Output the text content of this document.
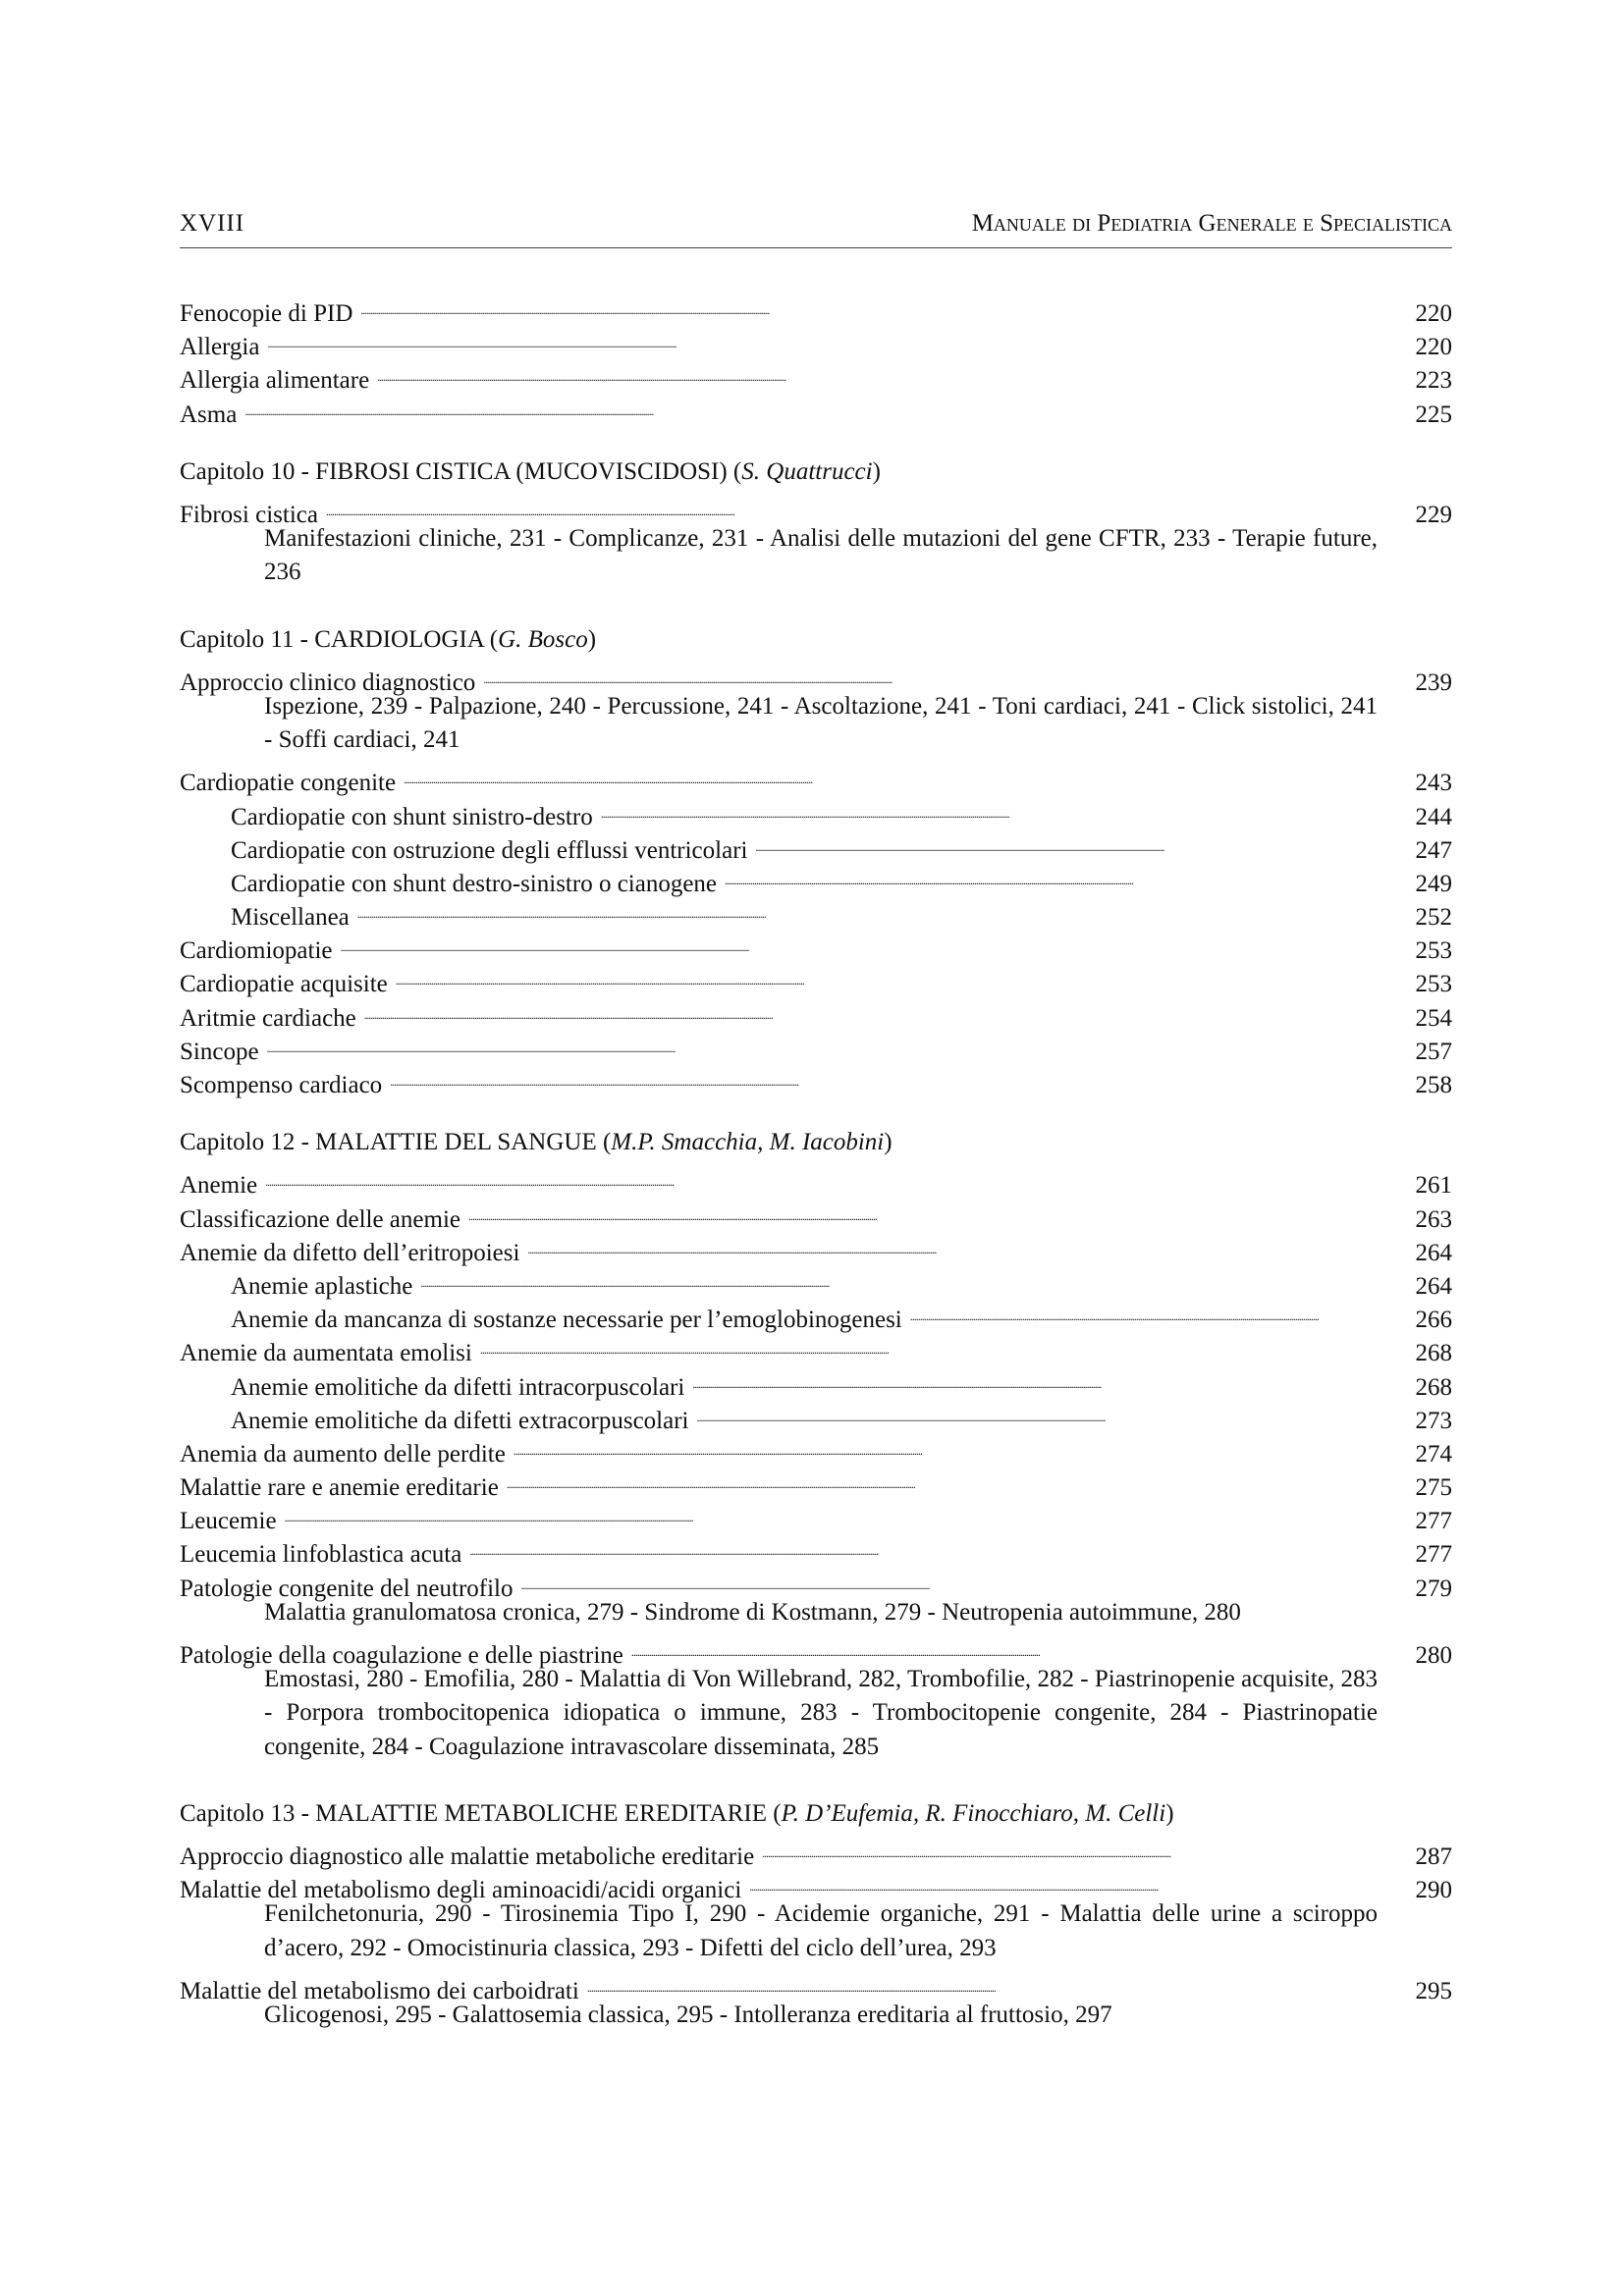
XVIII	Manuale di Pediatria Generale e Specialistica
Fenocopie di PID . . .	220
Allergia . . .	220
Allergia alimentare . . .	223
Asma . . .	225
Capitolo 10 - FIBROSI CISTICA (MUCOVISCIDOSI) (S. Quattrucci)
Fibrosi cistica . . .	229
Manifestazioni cliniche, 231 - Complicanze, 231 - Analisi delle mutazioni del gene CFTR, 233 - Terapie future, 236
Capitolo 11 - CARDIOLOGIA (G. Bosco)
Approccio clinico diagnostico . . .	239
Ispezione, 239 - Palpazione, 240 - Percussione, 241 - Ascoltazione, 241 - Toni cardiaci, 241 - Click sistolici, 241 - Soffi cardiaci, 241
Cardiopatie congenite . . .	243
Cardiopatie con shunt sinistro-destro . . .	244
Cardiopatie con ostruzione degli efflussi ventricolari . . .	247
Cardiopatie con shunt destro-sinistro o cianogene . . .	249
Miscellanea . . .	252
Cardiomiopatie . . .	253
Cardiopatie acquisite . . .	253
Aritmie cardiache . . .	254
Sincope . . .	257
Scompenso cardiaco . . .	258
Capitolo 12 - MALATTIE DEL SANGUE (M.P. Smacchia, M. Iacobini)
Anemie . . .	261
Classificazione delle anemie . . .	263
Anemie da difetto dell’eritropoiesi . . .	264
Anemie aplastiche . . .	264
Anemie da mancanza di sostanze necessarie per l’emoglobinogenesi . . .	266
Anemie da aumentata emolisi . . .	268
Anemie emolitiche da difetti intracorpuscolari . . .	268
Anemie emolitiche da difetti extracorpuscolari . . .	273
Anemia da aumento delle perdite . . .	274
Malattie rare e anemie ereditarie . . .	275
Leucemie . . .	277
Leucemia linfoblastica acuta . . .	277
Patologie congenite del neutrofilo . . .	279
Malattia granulomatosa cronica, 279 - Sindrome di Kostmann, 279 - Neutropenia autoimmune, 280
Patologie della coagulazione e delle piastrine . . .	280
Emostasi, 280 - Emofilia, 280 - Malattia di Von Willebrand, 282, Trombofilie, 282 - Piastrinopenie acquisite, 283 - Porpora trombocitopenica idiopatica o immune, 283 - Trombocitopenie congenite, 284 - Piastrinopatie congenite, 284 - Coagulazione intravascolare disseminata, 285
Capitolo 13 - MALATTIE METABOLICHE EREDITARIE (P. D’Eufemia, R. Finocchiaro, M. Celli)
Approccio diagnostico alle malattie metaboliche ereditarie . . .	287
Malattie del metabolismo degli aminoacidi/acidi organici . . .	290
Fenilchetonuria, 290 - Tirosinemia Tipo I, 290 - Acidemie organiche, 291 - Malattia delle urine a sciroppo d’acero, 292 - Omocistinuria classica, 293 - Difetti del ciclo dell’urea, 293
Malattie del metabolismo dei carboidrati . . .	295
Glicogenosi, 295 - Galattosemia classica, 295 - Intolleranza ereditaria al fruttosio, 297
